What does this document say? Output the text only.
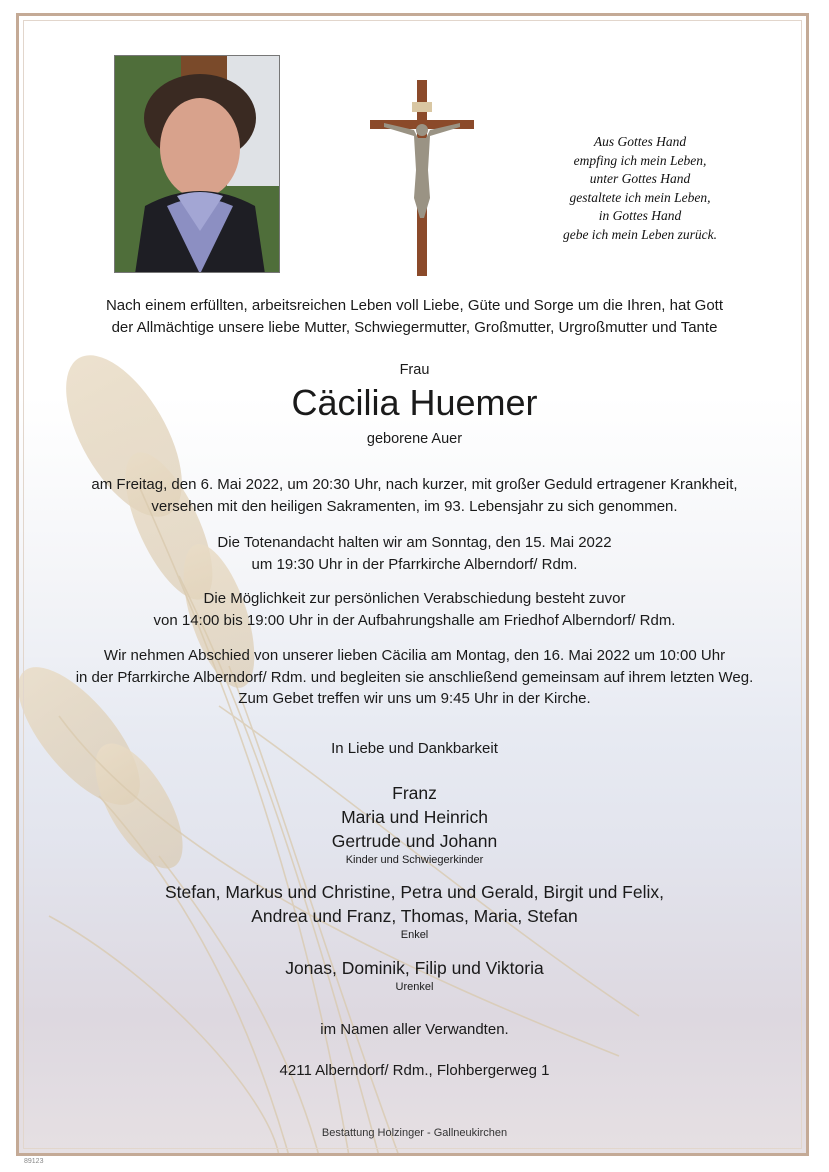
Aus Gottes Hand
empfing ich mein Leben,
unter Gottes Hand
gestaltete ich mein Leben,
in Gottes Hand
gebe ich mein Leben zurück.
Nach einem erfüllten, arbeitsreichen Leben voll Liebe, Güte und Sorge um die Ihren, hat Gott
der Allmächtige unsere liebe Mutter, Schwiegermutter, Großmutter, Urgroßmutter und Tante
Frau
Cäcilia Huemer
geborene Auer
am Freitag, den 6. Mai 2022, um 20:30 Uhr, nach kurzer, mit großer Geduld ertragener Krankheit,
versehen mit den heiligen Sakramenten, im 93. Lebensjahr zu sich genommen.
Die Totenandacht halten wir am Sonntag, den 15. Mai 2022
um 19:30 Uhr in der Pfarrkirche Alberndorf/ Rdm.
Die Möglichkeit zur persönlichen Verabschiedung besteht zuvor
von 14:00 bis 19:00 Uhr in der Aufbahrungshalle am Friedhof Alberndorf/ Rdm.
Wir nehmen Abschied von unserer lieben Cäcilia am Montag, den 16. Mai 2022 um 10:00 Uhr
in der Pfarrkirche Alberndorf/ Rdm. und begleiten sie anschließend gemeinsam auf ihrem letzten Weg.
Zum Gebet treffen wir uns um 9:45 Uhr in der Kirche.
In Liebe und Dankbarkeit
Franz
Maria und Heinrich
Gertrude und Johann
Kinder und Schwiegerkinder
Stefan, Markus und Christine, Petra und Gerald, Birgit und Felix,
Andrea und Franz, Thomas, Maria, Stefan
Enkel
Jonas, Dominik, Filip und Viktoria
Urenkel
im Namen aller Verwandten.
4211 Alberndorf/ Rdm., Flohbergerweg 1
Bestattung Holzinger - Gallneukirchen
89123
